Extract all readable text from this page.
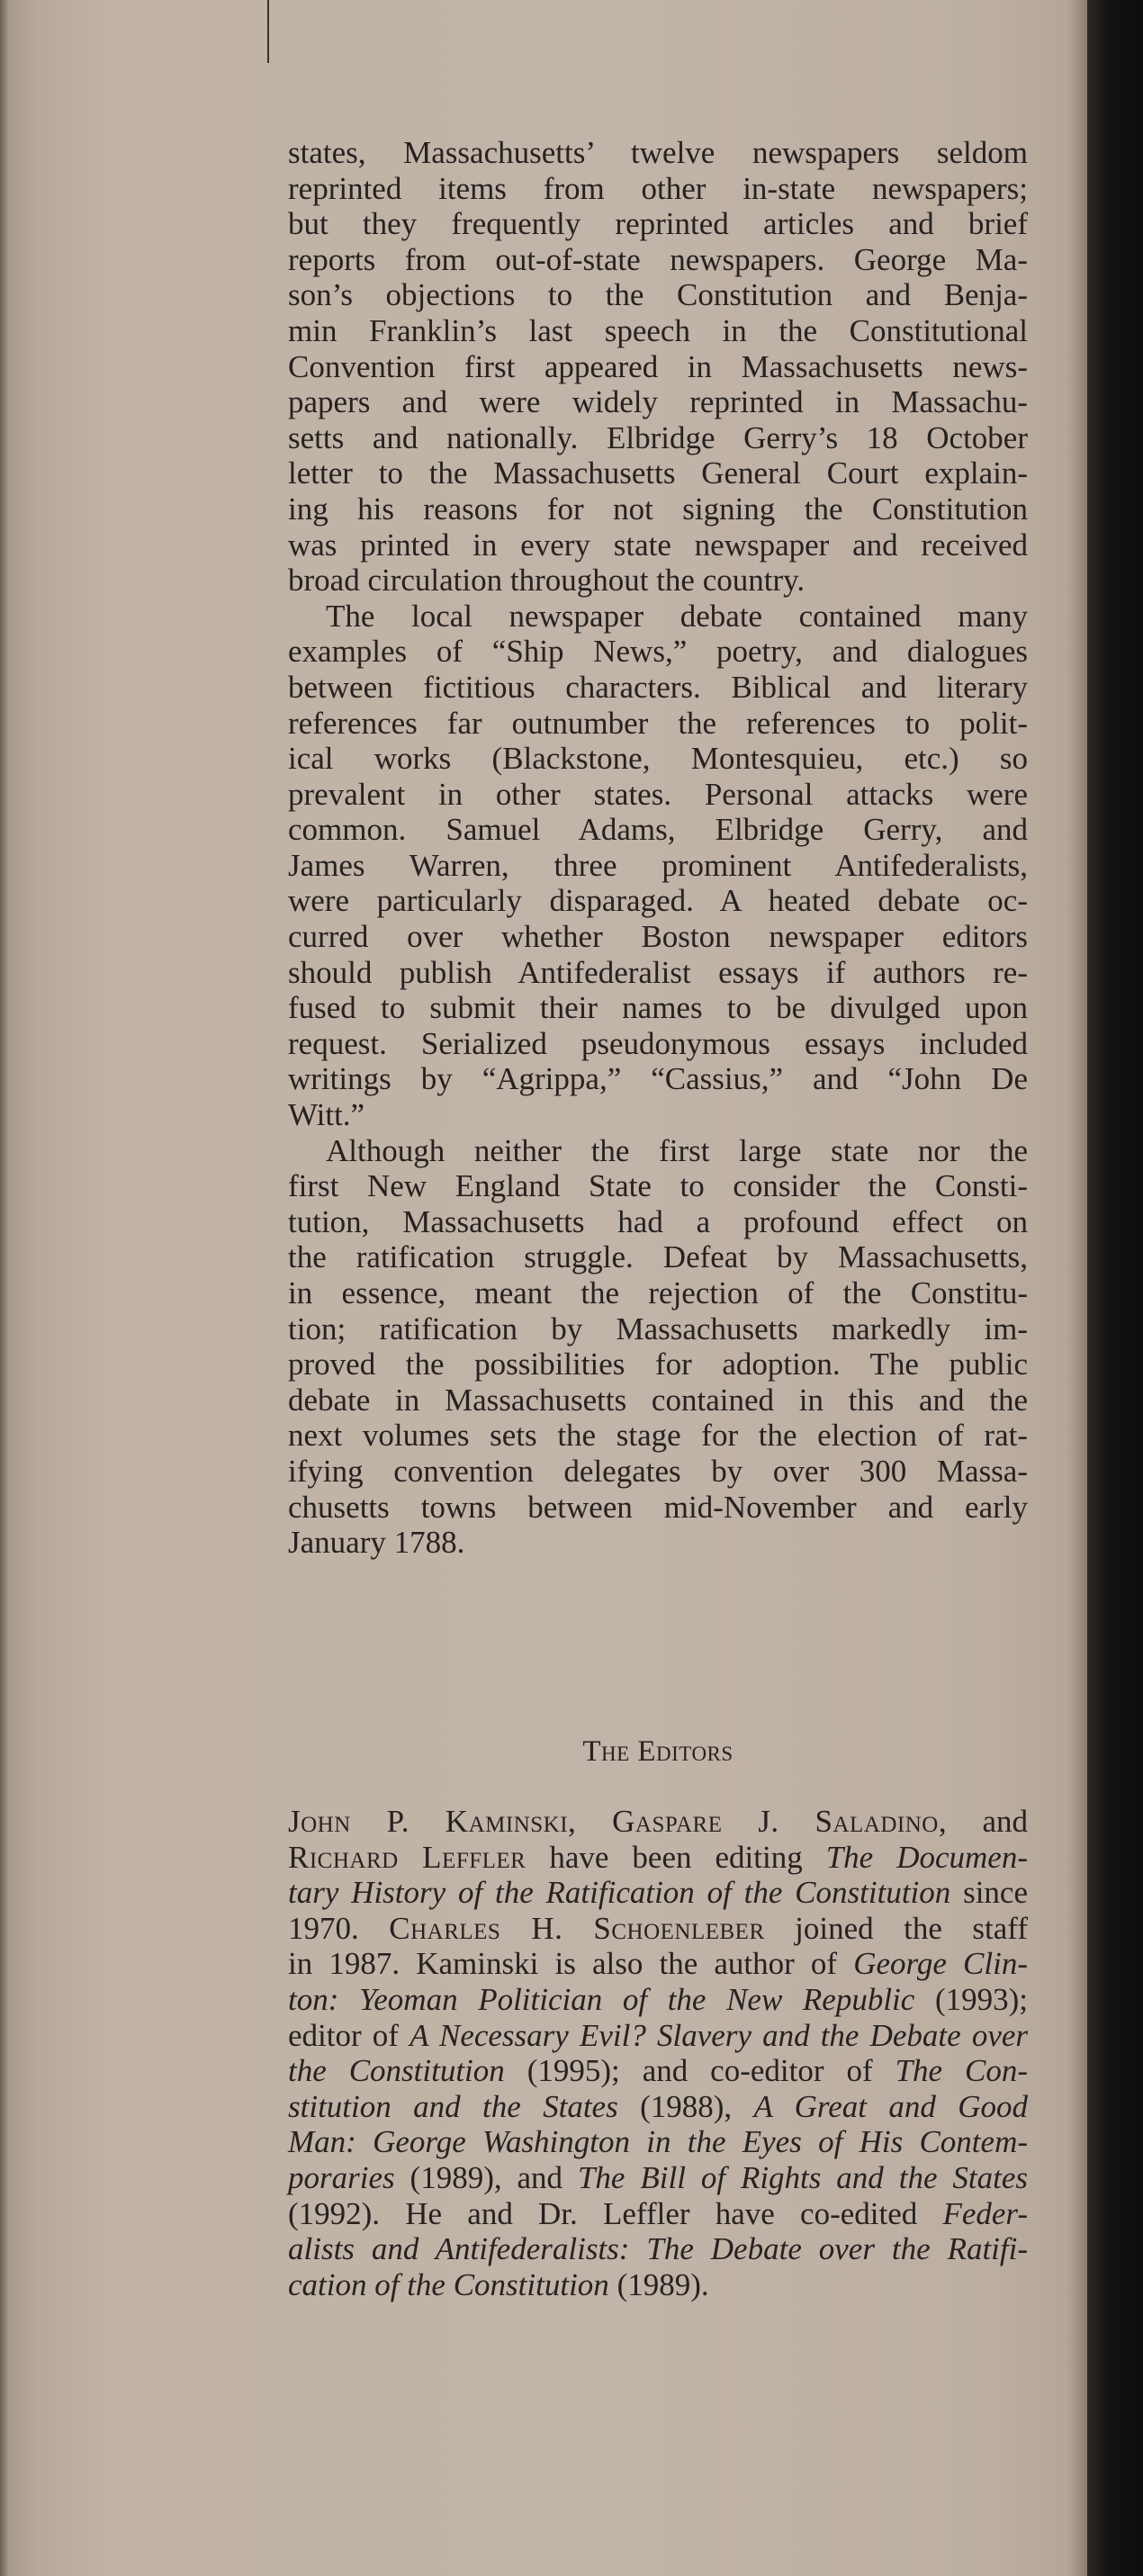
states, Massachusetts’ twelve newspapers seldom
reprinted items from other in-state newspapers;
but they frequently reprinted articles and brief
reports from out-of-state newspapers. George Ma-
son’s objections to the Constitution and Benja-
min Franklin’s last speech in the Constitutional
Convention first appeared in Massachusetts news-
papers and were widely reprinted in Massachu-
setts and nationally. Elbridge Gerry’s 18 October
letter to the Massachusetts General Court explain-
ing his reasons for not signing the Constitution
was printed in every state newspaper and received
broad circulation throughout the country.
The local newspaper debate contained many
examples of “Ship News,” poetry, and dialogues
between fictitious characters. Biblical and literary
references far outnumber the references to polit-
ical works (Blackstone, Montesquieu, etc.) so
prevalent in other states. Personal attacks were
common. Samuel Adams, Elbridge Gerry, and
James Warren, three prominent Antifederalists,
were particularly disparaged. A heated debate oc-
curred over whether Boston newspaper editors
should publish Antifederalist essays if authors re-
fused to submit their names to be divulged upon
request. Serialized pseudonymous essays included
writings by “Agrippa,” “Cassius,” and “John De
Witt.”
Although neither the first large state nor the
first New England State to consider the Consti-
tution, Massachusetts had a profound effect on
the ratification struggle. Defeat by Massachusetts,
in essence, meant the rejection of the Constitu-
tion; ratification by Massachusetts markedly im-
proved the possibilities for adoption. The public
debate in Massachusetts contained in this and the
next volumes sets the stage for the election of rat-
ifying convention delegates by over 300 Massa-
chusetts towns between mid-November and early
January 1788.
The Editors
John P. Kaminski, Gaspare J. Saladino, and
Richard Leffler have been editing The Documen-
tary History of the Ratification of the Constitution since
1970. Charles H. Schoenleber joined the staff
in 1987. Kaminski is also the author of George Clin-
ton: Yeoman Politician of the New Republic (1993);
editor of A Necessary Evil? Slavery and the Debate over
the Constitution (1995); and co-editor of The Con-
stitution and the States (1988), A Great and Good
Man: George Washington in the Eyes of His Contem-
poraries (1989), and The Bill of Rights and the States
(1992). He and Dr. Leffler have co-edited Feder-
alists and Antifederalists: The Debate over the Ratifi-
cation of the Constitution (1989).
